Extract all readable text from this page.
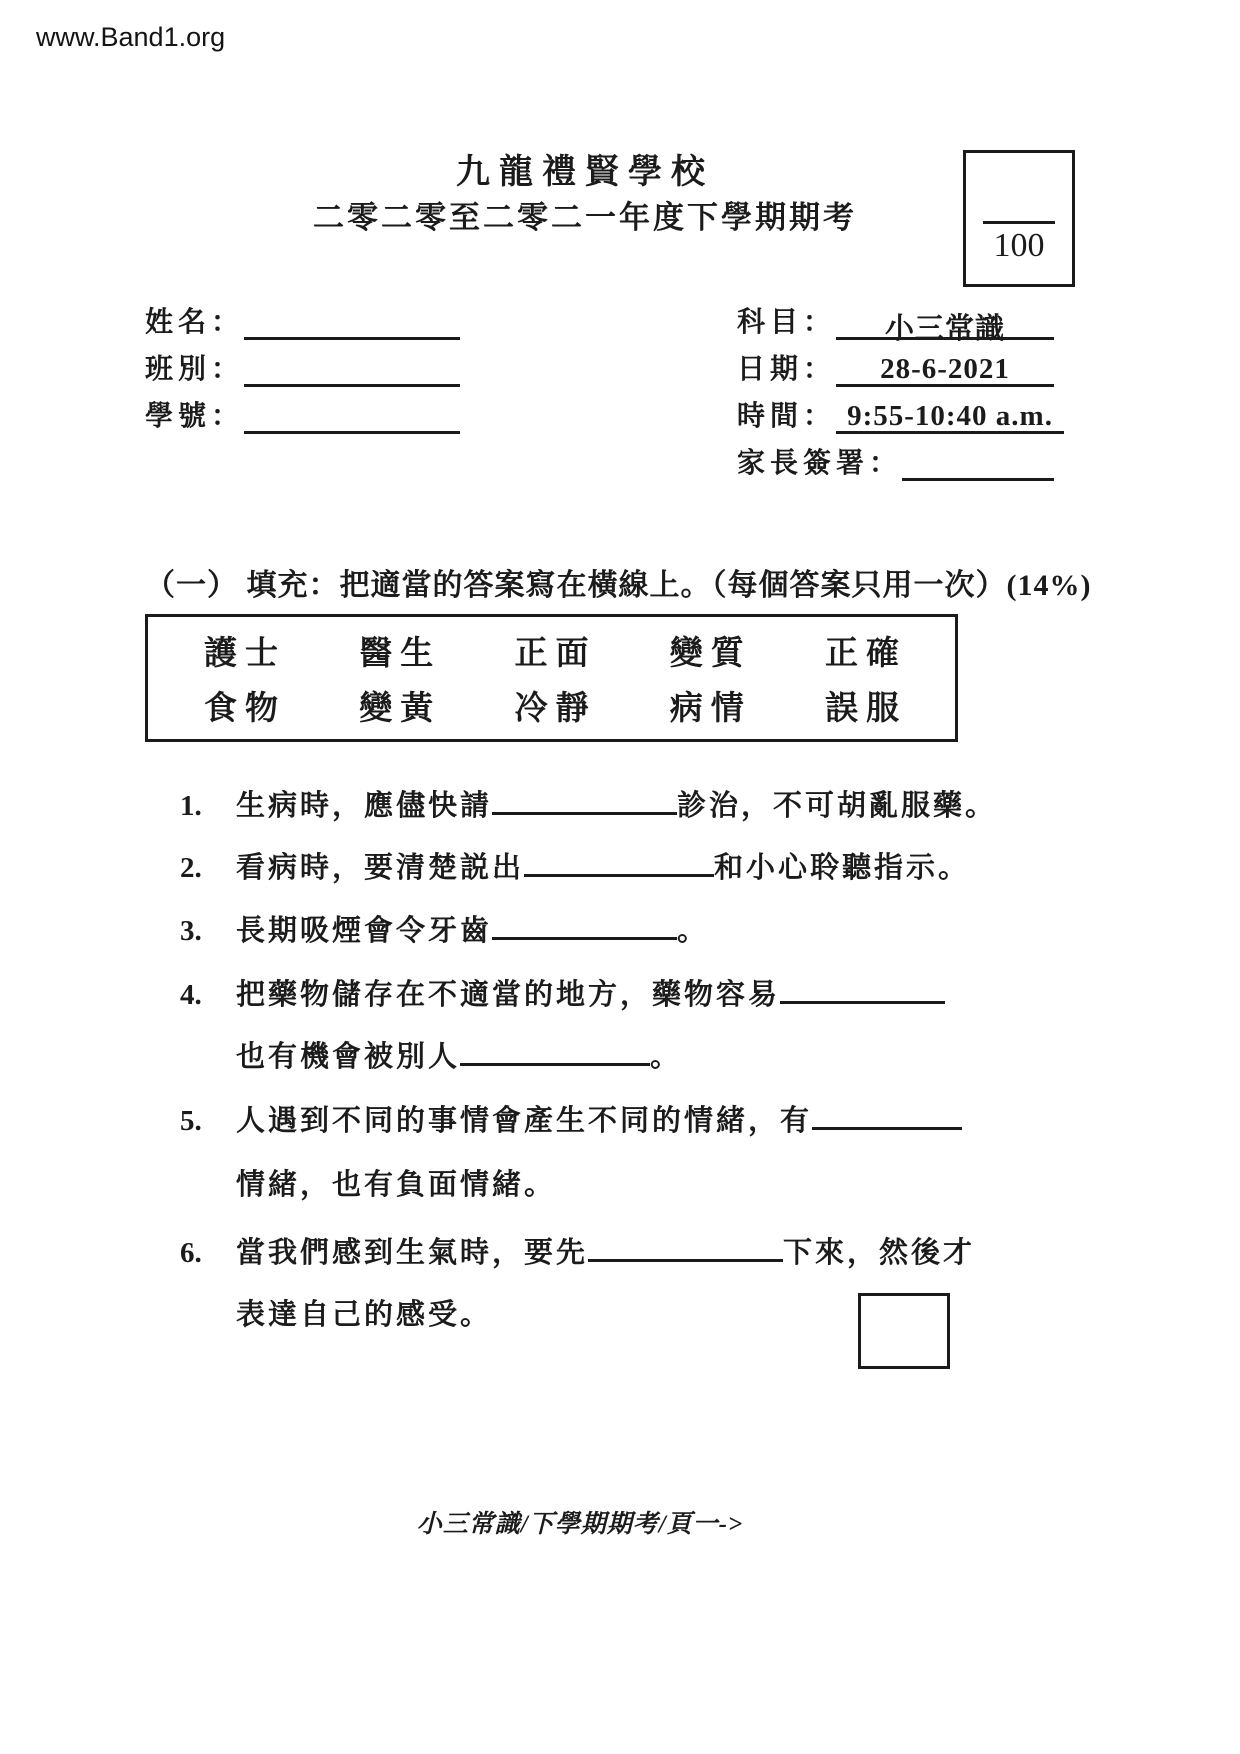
www.Band1.org
九龍禮賢學校
二零二零至二零二一年度下學期期考
100
姓名：
班別：
學號：
科目：	小三常識
日期：	28-6-2021
時間： 9:55-10:40 a.m.
家長簽署：
（一） 填充：把適當的答案寫在橫線上。（每個答案只用一次）(14%)
護士 醫生 正面 變質 正確
食物 變黃 冷靜 病情 誤服
1. 生病時，應儘快請	診治，不可胡亂服藥。
2. 看病時，要清楚説出	和小心聆聽指示。
3. 長期吸煙會令牙齒	。
4. 把藥物儲存在不適當的地方，藥物容易
也有機會被別人	。
5. 人遇到不同的事情會產生不同的情緒，有
情緒，也有負面情緒。
6. 當我們感到生氣時，要先	下來，然後才
表達自己的感受。
小三常識/下學期期考/頁一->
